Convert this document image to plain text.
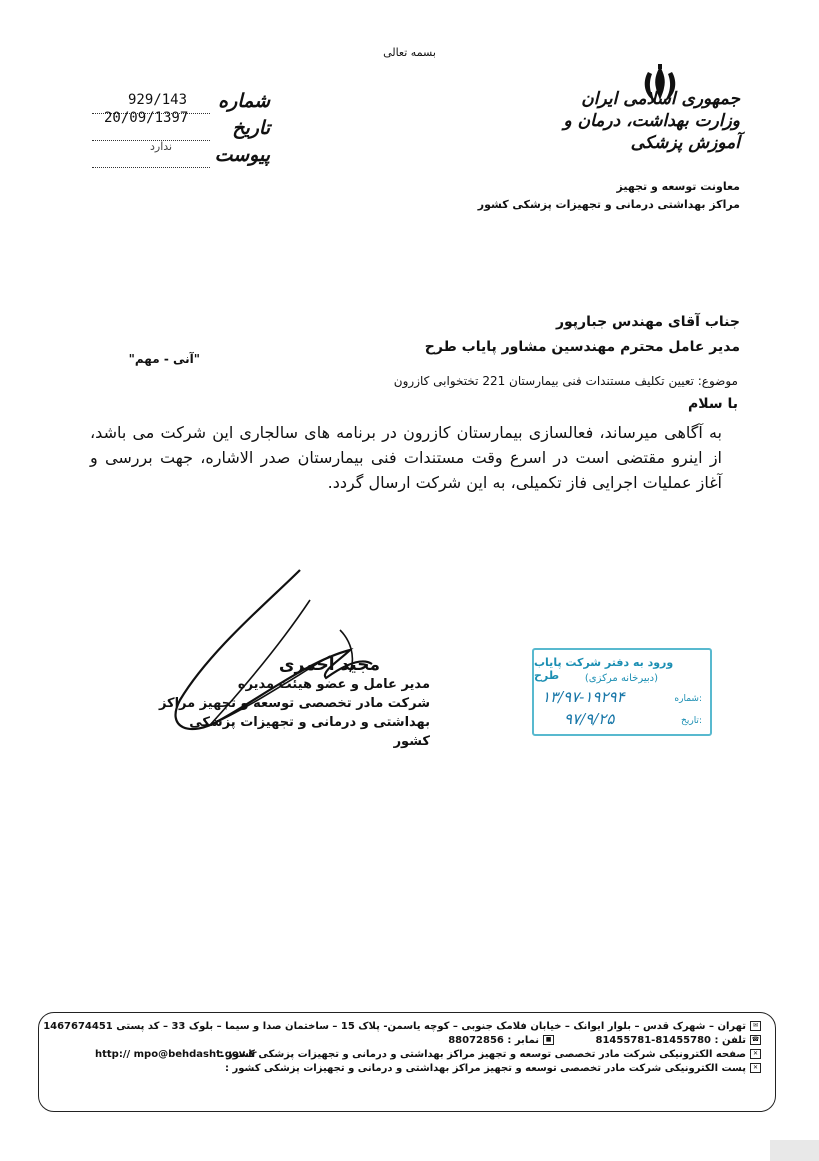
بسمه تعالی
جمهوری اسلامی ایران وزارت بهداشت، درمان و آموزش پزشکی
معاونت توسعه و تجهیز
مراکز بهداشتی درمانی و تجهیزات پزشکی کشور
شماره
تاریخ
پیوست
929/143
20/09/1397
ندارد
جناب آقای مهندس جبارپور
مدیر عامل محترم مهندسین مشاور پایاب طرح
"آنی - مهم"
موضوع: تعیین تکلیف مستندات فنی بیمارستان 221 تختخوابی کازرون
با سلام
به آگاهی میرساند، فعالسازی بیمارستان کازرون در برنامه های سالجاری این شرکت می باشد، از اینرو مقتضی است در اسرع وقت مستندات فنی بیمارستان صدر الاشاره، جهت بررسی و آغاز عملیات اجرایی فاز تکمیلی، به این شرکت ارسال گردد.
مجید احمری
مدیر عامل و عضو هیئت مدیره
شرکت مادر تخصصی توسعه و تجهیز مراکز
بهداشتی و درمانی و تجهیزات پزشکی کشور
ورود به دفتر شرکت پایاب طرح	(دبیرخانه مرکزی)
شماره:
۱۳/۹۷-۱۹۲۹۴
تاریخ:
۹۷/۹/۲۵
✉تهران – شهرک قدس – بلوار ایوانک – خیابان فلامک جنوبی – کوچه یاسمن- پلاک 15 – ساختمان صدا و سیما – بلوک 33 – کد پستی 1467674451
☎تلفن : 81455781-81455780 ■نمابر : 88072856
✕صفحه الکترونیکی شرکت مادر تخصصی توسعه و تجهیز مراکز بهداشتی و درمانی و تجهیزات پزشکی کشور :
http:// mpo@behdasht.gov.ir
✕پست الکترونیکی شرکت مادر تخصصی توسعه و تجهیز مراکز بهداشتی و درمانی و تجهیزات پزشکی کشور :
